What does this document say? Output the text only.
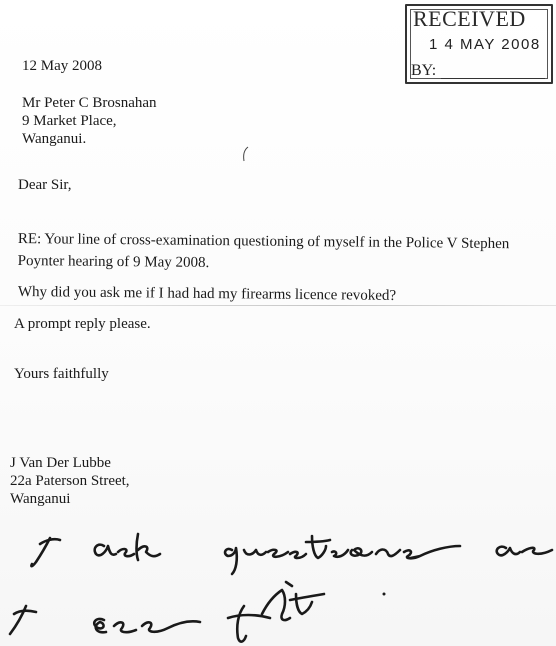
RECEIVED
1 4 MAY 2008
BY:
12 May 2008
Mr Peter C Brosnahan
9 Market Place,
Wanganui.
Dear Sir,
RE: Your line of cross-examination questioning of myself in the Police V Stephen
Poynter hearing of 9 May 2008.
Why did you ask me if I had had my firearms licence revoked?
A prompt reply please.
Yours faithfully
J Van Der Lubbe
22a Paterson Street,
Wanganui
